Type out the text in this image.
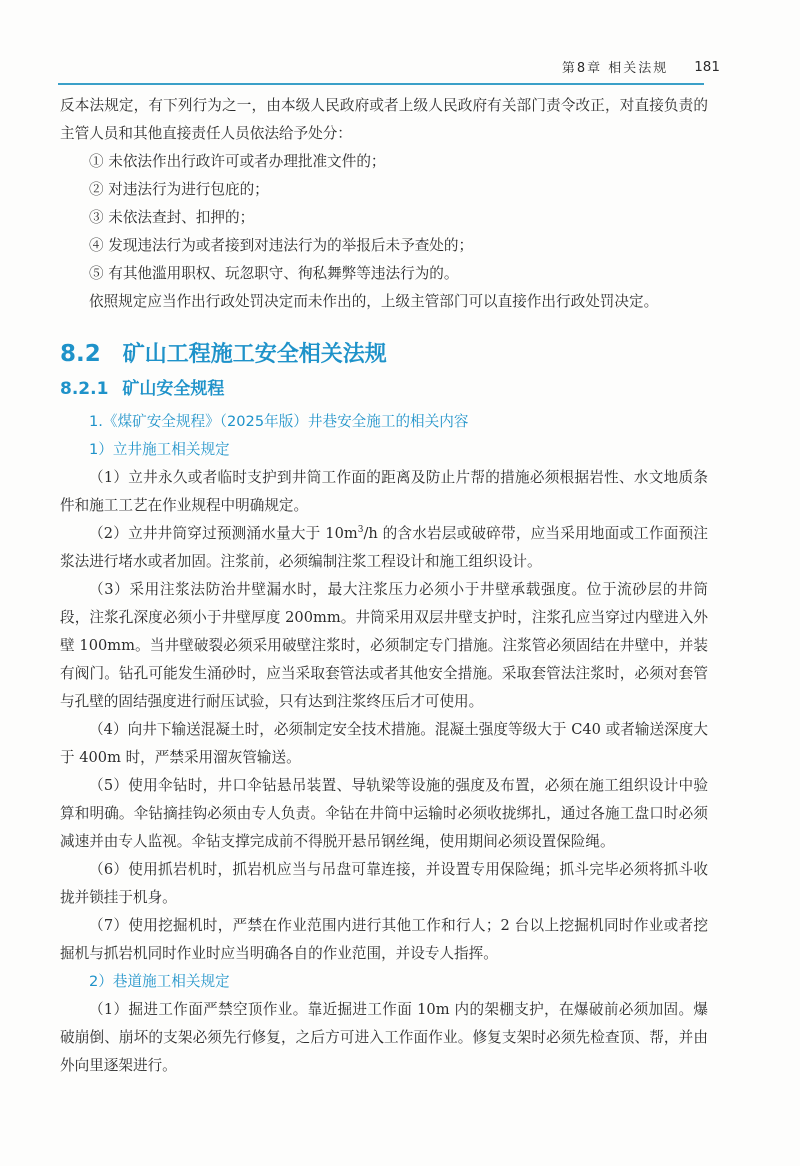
第8章 相关法规 181

反本法规定，有下列行为之一，由本级人民政府或者上级人民政府有关部门责令改正，对直接负责的主管人员和其他直接责任人员依法给予处分：

① 未依法作出行政许可或者办理批准文件的；

② 对违法行为进行包庇的；

③ 未依法查封、扣押的；

④ 发现违法行为或者接到对违法行为的举报后未予查处的；

⑤ 有其他滥用职权、玩忽职守、徇私舞弊等违法行为的。

依照规定应当作出行政处罚决定而未作出的，上级主管部门可以直接作出行政处罚决定。

8.2 矿山工程施工安全相关法规
8.2.1 矿山安全规程
1.《煤矿安全规程》（2025年版）井巷安全施工的相关内容
1）立井施工相关规定

（1）立井永久或者临时支护到井筒工作面的距离及防止片帮的措施必须根据岩性、水文地质条件和施工工艺在作业规程中明确规定。

（2）立井井筒穿过预测涌水量大于 $10m^3/h$ 的含水岩层或破碎带，应当采用地面或工作面预注浆法进行堵水或者加固。注浆前，必须编制注浆工程设计和施工组织设计。

（3）采用注浆法防治井壁漏水时，最大注浆压力必须小于井壁承载强度。位于流砂层的井筒段，注浆孔深度必须小于井壁厚度 200mm。井筒采用双层井壁支护时，注浆孔应当穿过内壁进入外壁 100mm。当井壁破裂必须采用破壁注浆时，必须制定专门措施。注浆管必须固结在井壁中，并装有阀门。钻孔可能发生涌砂时，应当采取套管法或者其他安全措施。采取套管法注浆时，必须对套管与孔壁的固结强度进行耐压试验，只有达到注浆终压后才可使用。

（4）向井下输送混凝土时，必须制定安全技术措施。混凝土强度等级大于 C40 或者输送深度大于 400m 时，严禁采用溜灰管输送。

（5）使用伞钻时，井口伞钻悬吊装置、导轨梁等设施的强度及布置，必须在施工组织设计中验算和明确。伞钻摘挂钩必须由专人负责。伞钻在井筒中运输时必须收拢绑扎，通过各施工盘口时必须减速并由专人监视。伞钻支撑完成前不得脱开悬吊钢丝绳，使用期间必须设置保险绳。

（6）使用抓岩机时，抓岩机应当与吊盘可靠连接，并设置专用保险绳；抓斗完毕必须将抓斗收拢并锁挂于机身。

（7）使用挖掘机时，严禁在作业范围内进行其他工作和行人；2 台以上挖掘机同时作业或者挖掘机与抓岩机同时作业时应当明确各自的作业范围，并设专人指挥。

2）巷道施工相关规定

（1）掘进工作面严禁空顶作业。靠近掘进工作面 10m 内的架棚支护，在爆破前必须加固。爆破崩倒、崩坏的支架必须先行修复，之后方可进入工作面作业。修复支架时必须先检查顶、帮，并由外向里逐架进行。
